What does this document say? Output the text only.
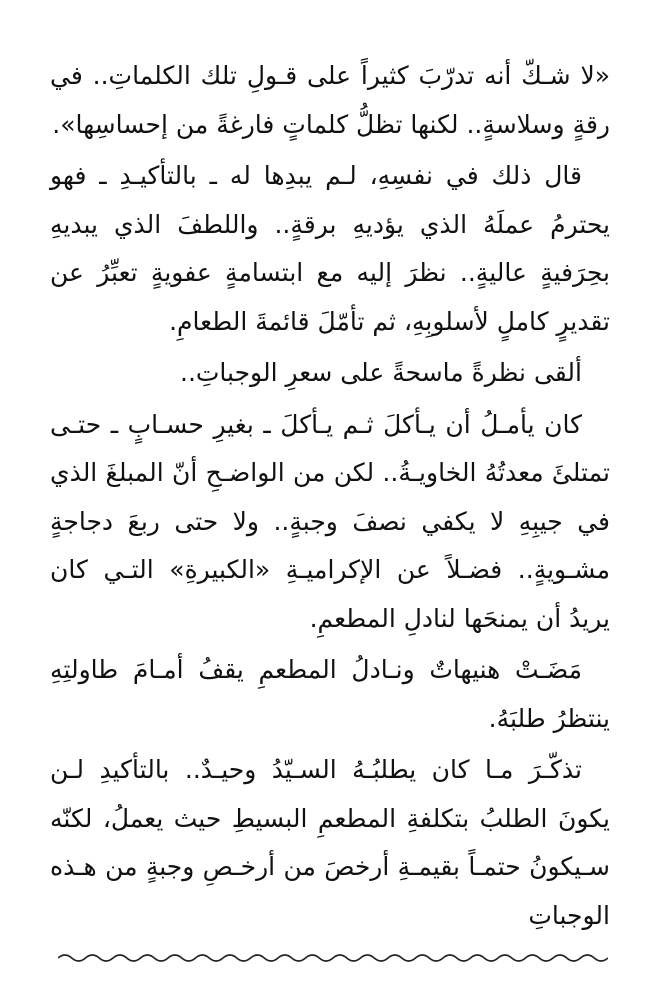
«لا شـكّ أنه تدرّبَ كثيراً على قـولِ تلك الكلماتِ.. في رقةٍ وسلاسةٍ.. لكنها تظلُّ كلماتٍ فارغةً من إحساسِها».

قال ذلك في نفسِهِ، لـم يبدِها له ـ بالتأكيـدِ ـ فهو يحترمُ عملَهُ الذي يؤديهِ برقةٍ.. واللطفَ الذي يبديهِ بحِرَفيةٍ عاليةٍ.. نظرَ إليه مع ابتسامةٍ عفويةٍ تعبِّرُ عن تقديرٍ كاملٍ لأسلوبِهِ، ثم تأمّلَ قائمةَ الطعامِ.

ألقى نظرةً ماسحةً على سعرِ الوجباتِ..

كان يأمـلُ أن يـأكلَ ثـم يـأكلَ ـ بغيرِ حسـابٍ ـ حتـى تمتلئَ معدتُهُ الخاويـةُ.. لكن من الواضـحِ أنّ المبلغَ الذي في جيبِهِ لا يكفي نصفَ وجبةٍ.. ولا حتى ربعَ دجاجةٍ مشـويةٍ.. فضـلاً عن الإكراميـةِ «الكبيرةِ» التـي كان يريدُ أن يمنحَها لنادلِ المطعمِ.

مَضَـتْ هنيهاتٌ ونـادلُ المطعمِ يقفُ أمـامَ طاولتِهِ ينتظرُ طلبَهُ.

تذكّـرَ مـا كان يطلبُـهُ السـيّدُ وحيـدٌ.. بالتأكيدِ لـن يكونَ الطلبُ بتكلفةِ المطعمِ البسيطِ حيث يعملُ، لكنّه سـيكونُ حتمـاً بقيمـةِ أرخصَ من أرخـصِ وجبةٍ من هـذه الوجباتِ
